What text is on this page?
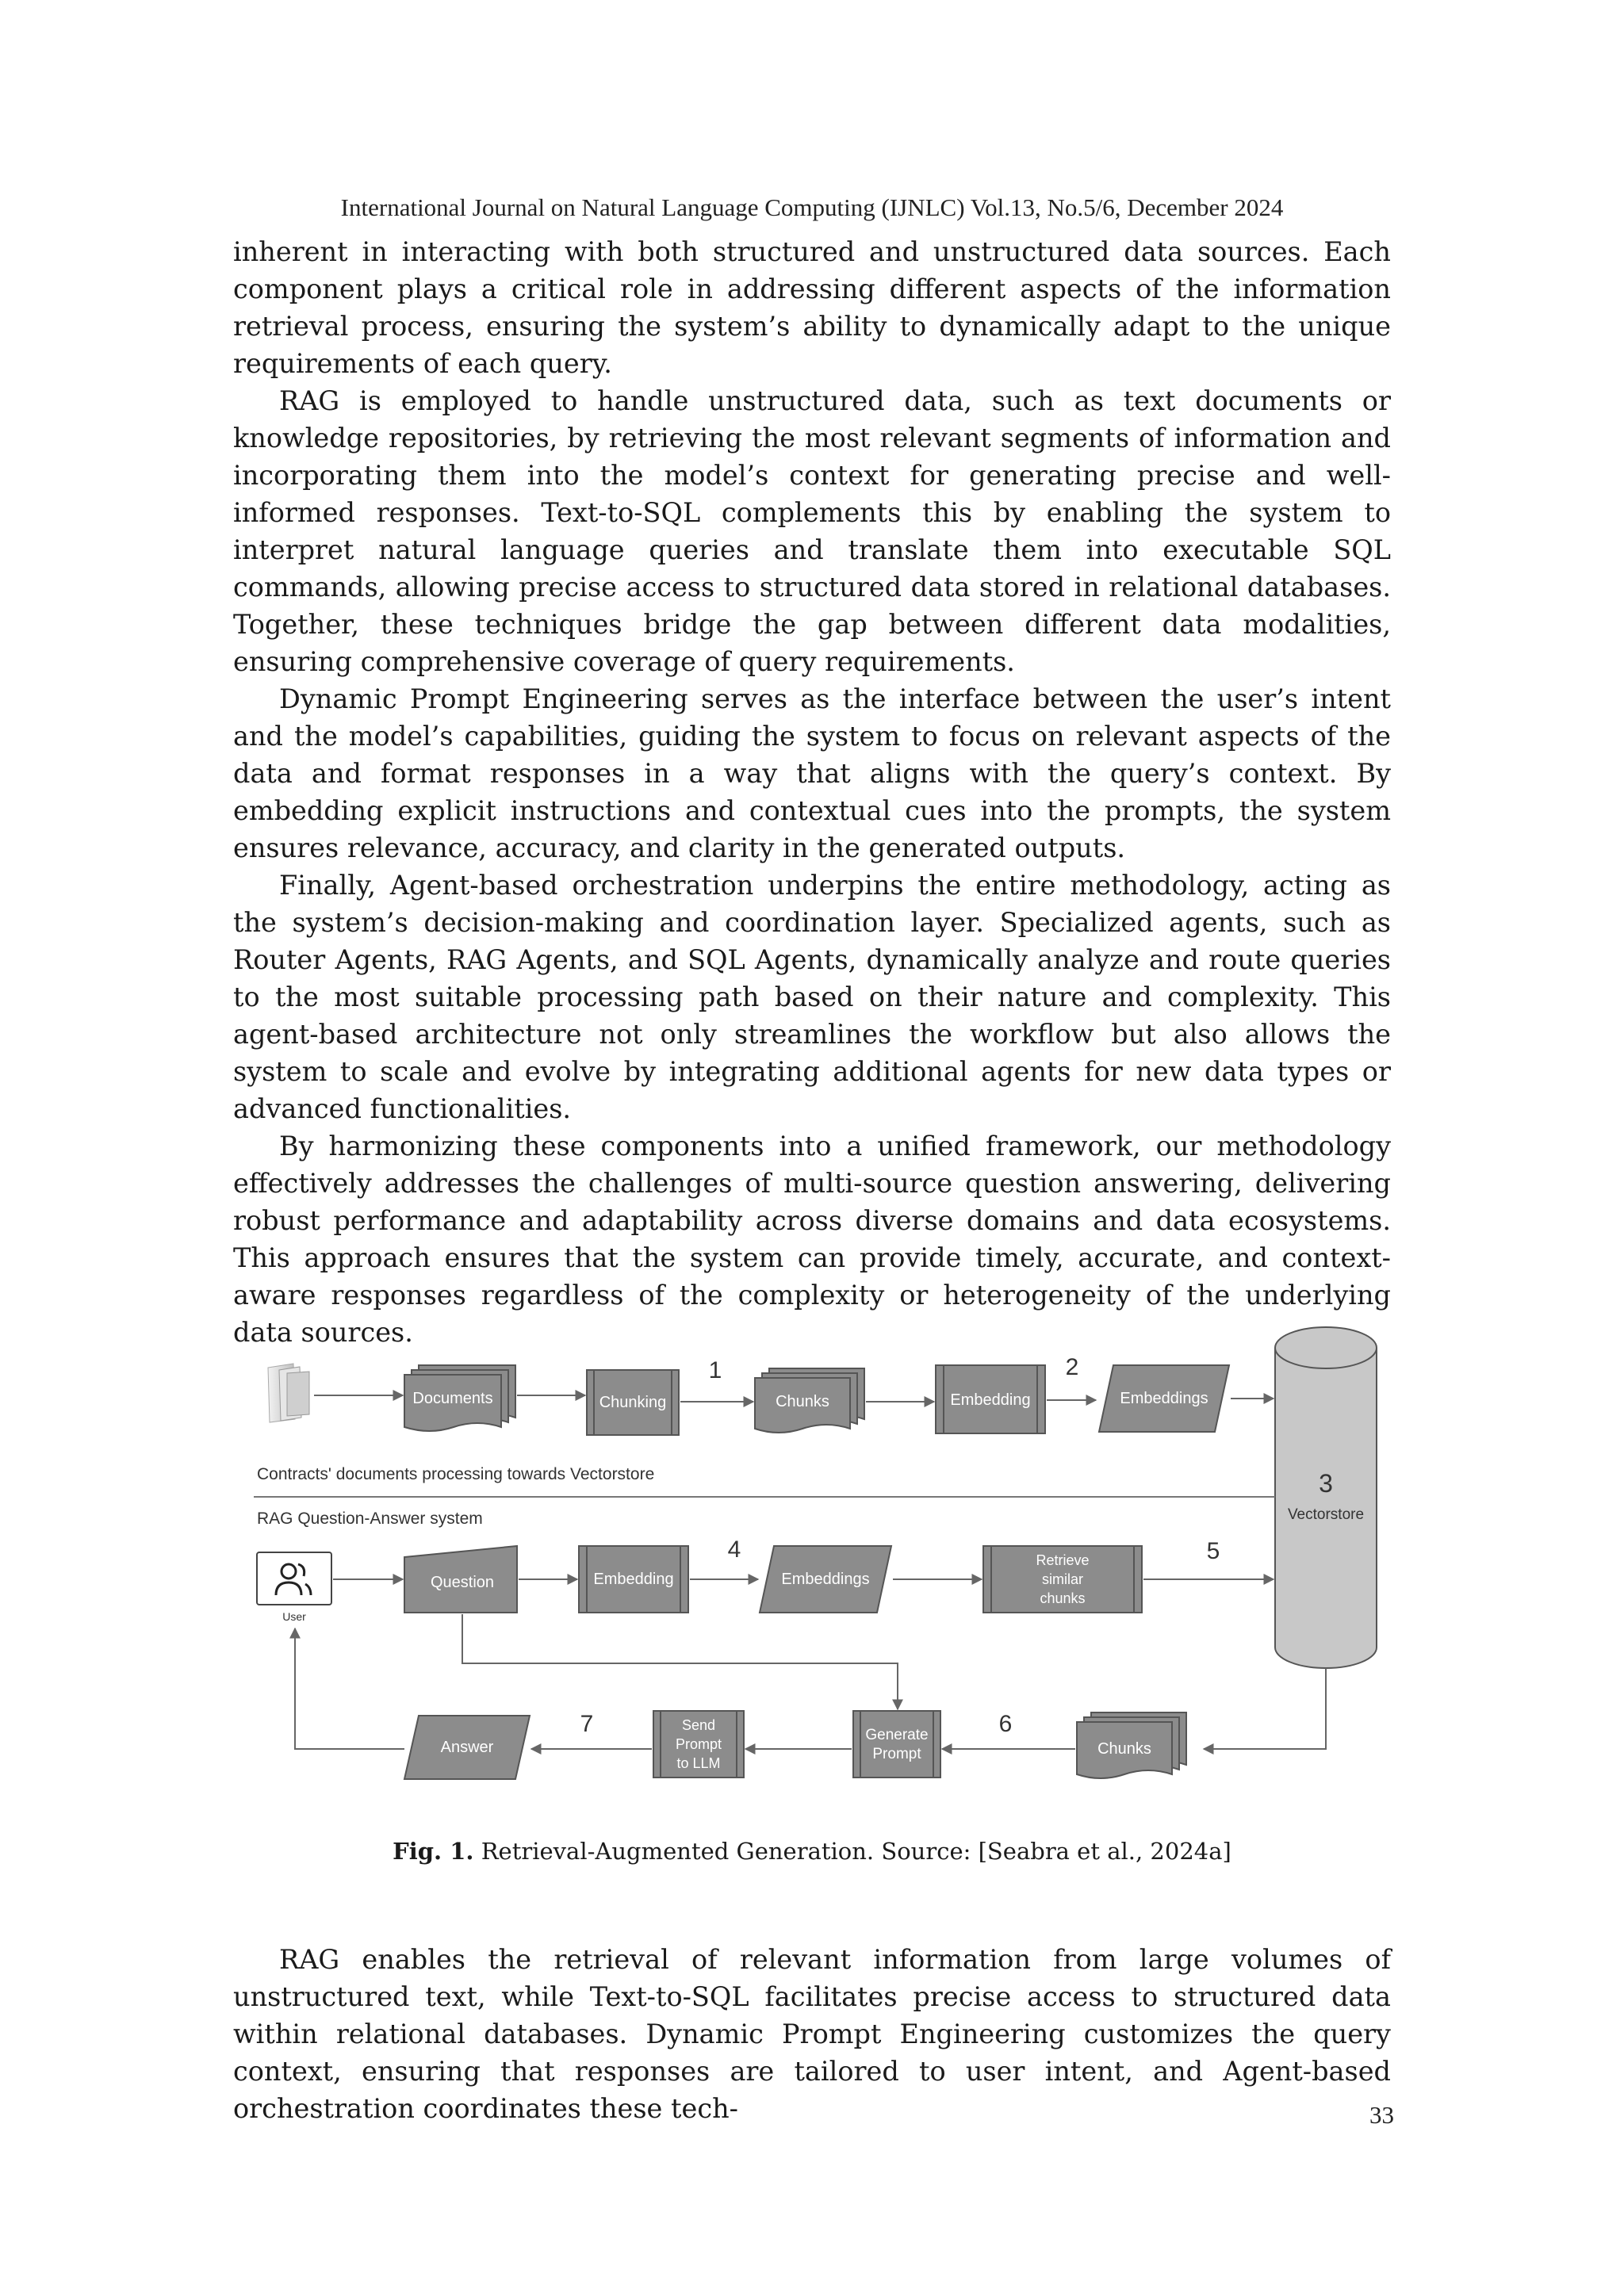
International Journal on Natural Language Computing (IJNLC) Vol.13, No.5/6, December 2024

inherent in interacting with both structured and unstructured data sources. Each component plays a critical role in addressing different aspects of the information retrieval process, ensuring the system’s ability to dynamically adapt to the unique requirements of each query.

RAG is employed to handle unstructured data, such as text documents or knowledge repositories, by retrieving the most relevant segments of information and incorporating them into the model’s context for generating precise and well-informed responses. Text-to-SQL complements this by enabling the system to interpret natural language queries and translate them into executable SQL commands, allowing precise access to structured data stored in relational databases. Together, these techniques bridge the gap between different data modalities, ensuring comprehensive coverage of query requirements.

Dynamic Prompt Engineering serves as the interface between the user’s intent and the model’s capabilities, guiding the system to focus on relevant aspects of the data and format responses in a way that aligns with the query’s context. By embedding explicit instructions and contextual cues into the prompts, the system ensures relevance, accuracy, and clarity in the generated outputs.

Finally, Agent-based orchestration underpins the entire methodology, acting as the system’s decision-making and coordination layer. Specialized agents, such as Router Agents, RAG Agents, and SQL Agents, dynamically analyze and route queries to the most suitable processing path based on their nature and complexity. This agent-based architecture not only streamlines the workflow but also allows the system to scale and evolve by integrating additional agents for new data types or advanced functionalities.

By harmonizing these components into a unified framework, our methodology effectively addresses the challenges of multi-source question answering, delivering robust performance and adaptability across diverse domains and data ecosystems. This approach ensures that the system can provide timely, accurate, and context-aware responses regardless of the complexity or heterogeneity of the underlying data sources.

Documents	Chunking
1
Chunks	Embedding
2
Embeddings
3
Vectorstore
Contracts' documents processing towards Vectorstore
RAG Question-Answer system
User
Question	Embedding
4
Embeddings
Retrieve
similar
chunks
5
Chunks
6
Generate
Prompt
Send
Prompt
to LLM
7
Answer
Fig. 1. Retrieval-Augmented Generation. Source: [Seabra et al., 2024a]

RAG enables the retrieval of relevant information from large volumes of unstructured text, while Text-to-SQL facilitates precise access to structured data within relational databases. Dynamic Prompt Engineering customizes the query context, ensuring that responses are tailored to user intent, and Agent-based orchestration coordinates these tech-	33
